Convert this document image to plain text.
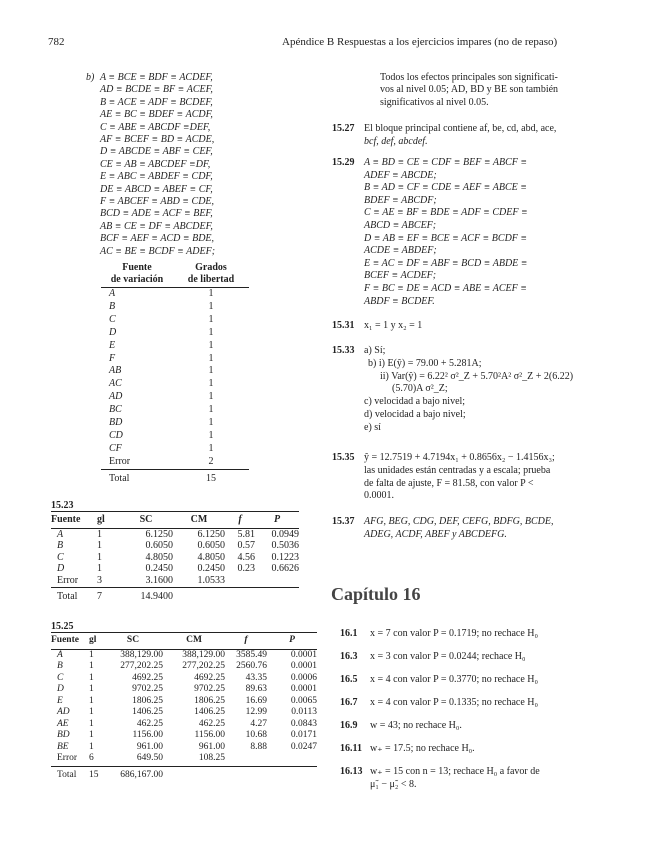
782	Apéndice B Respuestas a los ejercicios impares (no de repaso)
b) A ≡ BCE ≡ BDF ≡ ACDEF,
AD ≡ BCDE ≡ BF ≡ ACEF,
B ≡ ACE ≡ ADF ≡ BCDEF,
AE ≡ BC ≡ BDEF ≡ ACDF,
C ≡ ABE ≡ ABCDF ≡DEF,
AF ≡ BCEF ≡ BD ≡ ACDE,
D ≡ ABCDE ≡ ABF ≡ CEF,
CE ≡ AB ≡ ABCDEF ≡DF,
E ≡ ABC ≡ ABDEF ≡ CDF,
DE ≡ ABCD ≡ ABEF ≡ CF,
F ≡ ABCEF ≡ ABD ≡ CDE,
BCD ≡ ADE ≡ ACF ≡ BEF,
AB ≡ CE ≡ DF ≡ ABCDEF,
BCF ≡ AEF ≡ ACD ≡ BDE,
AC ≡ BE ≡ BCDF ≡ ADEF;
Fuente
de variación	Grados
de libertad
A	1
B	1
C	1
D	1
E	1
F	1
AB	1
AC	1
AD	1
BC	1
BD	1
CD	1
CF	1
Error	2
Total	15
15.23
Fuente	gl	SC	CM	f	P
A	1	6.1250	6.1250	5.81	0.0949
B	1	0.6050	0.6050	0.57	0.5036
C	1	4.8050	4.8050	4.56	0.1223
D	1	0.2450	0.2450	0.23	0.6626
Error	3	3.1600	1.0533		
Total	7	14.9400			
15.25
Fuente	gl	SC	CM	f	P
A	1	388,129.00	388,129.00	3585.49	0.0001
B	1	277,202.25	277,202.25	2560.76	0.0001
C	1	4692.25	4692.25	43.35	0.0006
D	1	9702.25	9702.25	89.63	0.0001
E	1	1806.25	1806.25	16.69	0.0065
AD	1	1406.25	1406.25	12.99	0.0113
AE	1	462.25	462.25	4.27	0.0843
BD	1	1156.00	1156.00	10.68	0.0171
BE	1	961.00	961.00	8.88	0.0247
Error	6	649.50	108.25		
Total	15	686,167.00			
Todos los efectos principales son significati-
vos al nivel 0.05; AD, BD y BE son también
significativos al nivel 0.05.
15.27 El bloque principal contiene af, be, cd, abd, ace,
bcf, def, abcdef.
15.29 A ≡ BD ≡ CE ≡ CDF ≡ BEF ≡ ABCF ≡
ADEF ≡ ABCDE;
B ≡ AD ≡ CF ≡ CDE ≡ AEF ≡ ABCE ≡
BDEF ≡ ABCDF;
C ≡ AE ≡ BF ≡ BDE ≡ ADF ≡ CDEF ≡
ABCD ≡ ABCEF;
D ≡ AB ≡ EF ≡ BCE ≡ ACF ≡ BCDF ≡
ACDE ≡ ABDEF;
E ≡ AC ≡ DF ≡ ABF ≡ BCD ≡ ABDE ≡
BCEF ≡ ACDEF;
F ≡ BC ≡ DE ≡ ACD ≡ ABE ≡ ACEF ≡
ABDF ≡ BCDEF.
15.31 x₁ = 1 y x₂ = 1
15.33 a) Sí;
b) i) E(ŷ) = 79.00 + 5.281A;
ii) Var(ŷ) = 6.22² σ²_Z + 5.70²A² σ²_Z + 2(6.22)
(5.70)A σ²_Z;
c) velocidad a bajo nivel;
d) velocidad a bajo nivel;
e) sí
15.35 ŷ = 12.7519 + 4.7194x₁ + 0.8656x₂ − 1.4156x₃;
las unidades están centradas y a escala; prueba
de falta de ajuste, F = 81.58, con valor P <
0.0001.
15.37 AFG, BEG, CDG, DEF, CEFG, BDFG, BCDE,
ADEG, ACDF, ABEF y ABCDEFG.
Capítulo 16
16.1 x = 7 con valor P = 0.1719; no rechace H₀
16.3 x = 3 con valor P = 0.0244; rechace H₀
16.5 x = 4 con valor P = 0.3770; no rechace H₀
16.7 x = 4 con valor P = 0.1335; no rechace H₀
16.9 w = 43; no rechace H₀.
16.11 w₊ = 17.5; no rechace H₀.
16.13 w₊ = 15 con n = 13; rechace H₀ a favor de
μ̃₁ − μ̃₂ < 8.
